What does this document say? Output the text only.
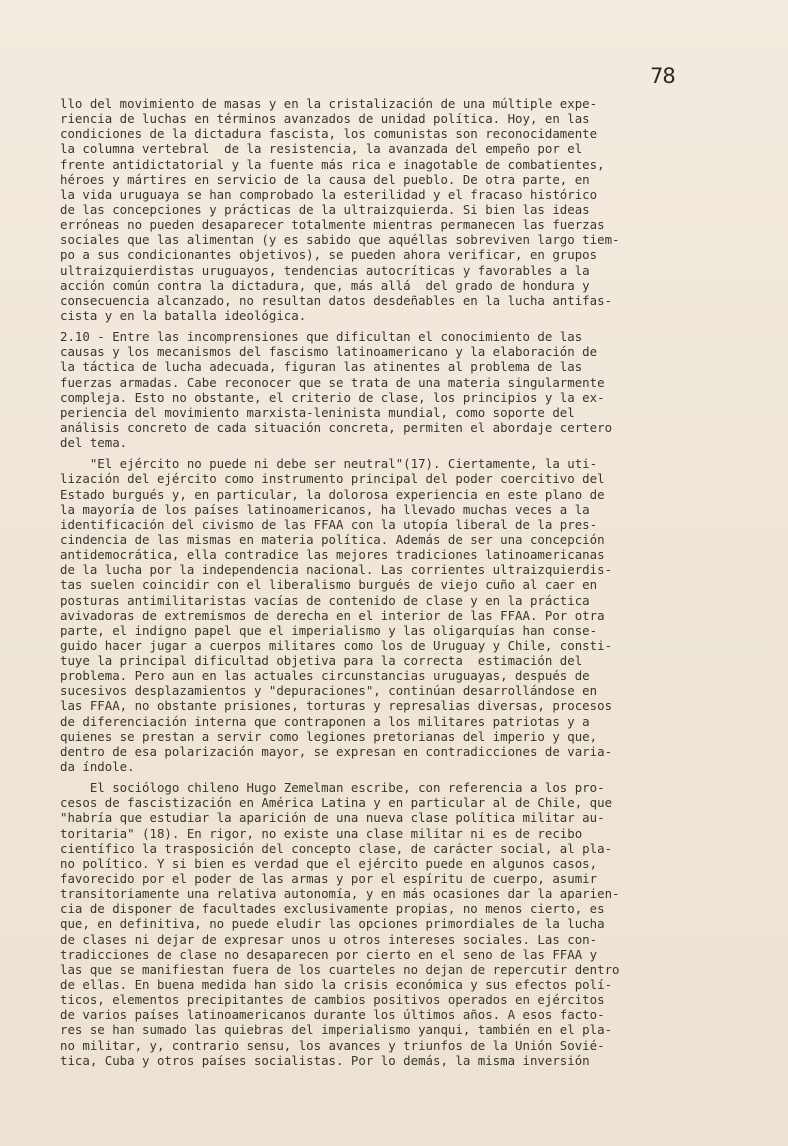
78
llo del movimiento de masas y en la cristalización de una múltiple expe-
riencia de luchas en términos avanzados de unidad política. Hoy, en las
condiciones de la dictadura fascista, los comunistas son reconocidamente
la columna vertebral  de la resistencia, la avanzada del empeño por el
frente antidictatorial y la fuente más rica e inagotable de combatientes,
héroes y mártires en servicio de la causa del pueblo. De otra parte, en
la vida uruguaya se han comprobado la esterilidad y el fracaso histórico
de las concepciones y prácticas de la ultraizquierda. Si bien las ideas
erróneas no pueden desaparecer totalmente mientras permanecen las fuerzas
sociales que las alimentan (y es sabido que aquéllas sobreviven largo tiem-
po a sus condicionantes objetivos), se pueden ahora verificar, en grupos
ultraizquierdistas uruguayos, tendencias autocríticas y favorables a la
acción común contra la dictadura, que, más allá  del grado de hondura y
consecuencia alcanzado, no resultan datos desdeñables en la lucha antifas-
cista y en la batalla ideológica.
2.10 - Entre las incomprensiones que dificultan el conocimiento de las
causas y los mecanismos del fascismo latinoamericano y la elaboración de
la táctica de lucha adecuada, figuran las atinentes al problema de las
fuerzas armadas. Cabe reconocer que se trata de una materia singularmente
compleja. Esto no obstante, el criterio de clase, los principios y la ex-
periencia del movimiento marxista-leninista mundial, como soporte del
análisis concreto de cada situación concreta, permiten el abordaje certero
del tema.
"El ejército no puede ni debe ser neutral"(17). Ciertamente, la uti-
lización del ejército como instrumento principal del poder coercitivo del
Estado burgués y, en particular, la dolorosa experiencia en este plano de
la mayoría de los países latinoamericanos, ha llevado muchas veces a la
identificación del civismo de las FFAA con la utopía liberal de la pres-
cindencia de las mismas en materia política. Además de ser una concepción
antidemocrática, ella contradice las mejores tradiciones latinoamericanas
de la lucha por la independencia nacional. Las corrientes ultraizquierdis-
tas suelen coincidir con el liberalismo burgués de viejo cuño al caer en
posturas antimilitaristas vacías de contenido de clase y en la práctica
avivadoras de extremismos de derecha en el interior de las FFAA. Por otra
parte, el indigno papel que el imperialismo y las oligarquías han conse-
guido hacer jugar a cuerpos militares como los de Uruguay y Chile, consti-
tuye la principal dificultad objetiva para la correcta  estimación del
problema. Pero aun en las actuales circunstancias uruguayas, después de
sucesivos desplazamientos y "depuraciones", continúan desarrollándose en
las FFAA, no obstante prisiones, torturas y represalias diversas, procesos
de diferenciación interna que contraponen a los militares patriotas y a
quienes se prestan a servir como legiones pretorianas del imperio y que,
dentro de esa polarización mayor, se expresan en contradicciones de varia-
da índole.
El sociólogo chileno Hugo Zemelman escribe, con referencia a los pro-
cesos de fascistización en América Latina y en particular al de Chile, que
"habría que estudiar la aparición de una nueva clase política militar au-
toritaria" (18). En rigor, no existe una clase militar ni es de recibo
científico la trasposición del concepto clase, de carácter social, al pla-
no político. Y si bien es verdad que el ejército puede en algunos casos,
favorecido por el poder de las armas y por el espíritu de cuerpo, asumir
transitoriamente una relativa autonomía, y en más ocasiones dar la aparien-
cia de disponer de facultades exclusivamente propias, no menos cierto, es
que, en definitiva, no puede eludir las opciones primordiales de la lucha
de clases ni dejar de expresar unos u otros intereses sociales. Las con-
tradicciones de clase no desaparecen por cierto en el seno de las FFAA y
las que se manifiestan fuera de los cuarteles no dejan de repercutir dentro
de ellas. En buena medida han sido la crisis económica y sus efectos polí-
ticos, elementos precipitantes de cambios positivos operados en ejércitos
de varios países latinoamericanos durante los últimos años. A esos facto-
res se han sumado las quiebras del imperialismo yanqui, también en el pla-
no militar, y, contrario sensu, los avances y triunfos de la Unión Sovié-
tica, Cuba y otros países socialistas. Por lo demás, la misma inversión
